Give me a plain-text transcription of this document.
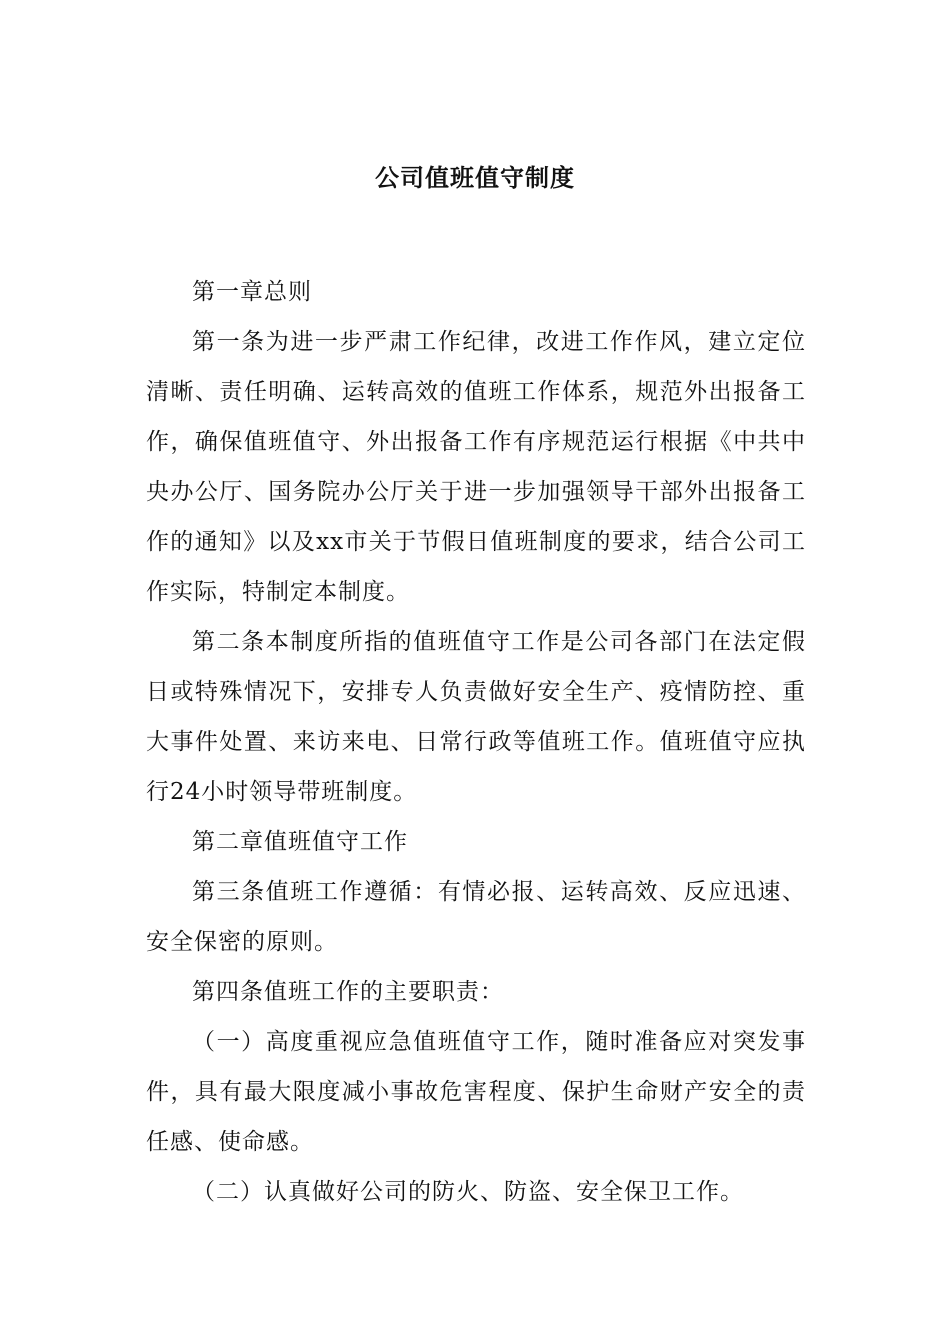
公司值班值守制度

第一章总则

第一条为进一步严肃工作纪律，改进工作作风，建立定位清晰、责任明确、运转高效的值班工作体系，规范外出报备工作，确保值班值守、外出报备工作有序规范运行根据《中共中央办公厅、国务院办公厅关于进一步加强领导干部外出报备工作的通知》以及xx市关于节假日值班制度的要求，结合公司工作实际，特制定本制度。

第二条本制度所指的值班值守工作是公司各部门在法定假日或特殊情况下，安排专人负责做好安全生产、疫情防控、重大事件处置、来访来电、日常行政等值班工作。值班值守应执行24小时领导带班制度。

第二章值班值守工作

第三条值班工作遵循：有情必报、运转高效、反应迅速、安全保密的原则。

第四条值班工作的主要职责：

（一）高度重视应急值班值守工作，随时准备应对突发事件，具有最大限度减小事故危害程度、保护生命财产安全的责任感、使命感。

（二）认真做好公司的防火、防盗、安全保卫工作。
